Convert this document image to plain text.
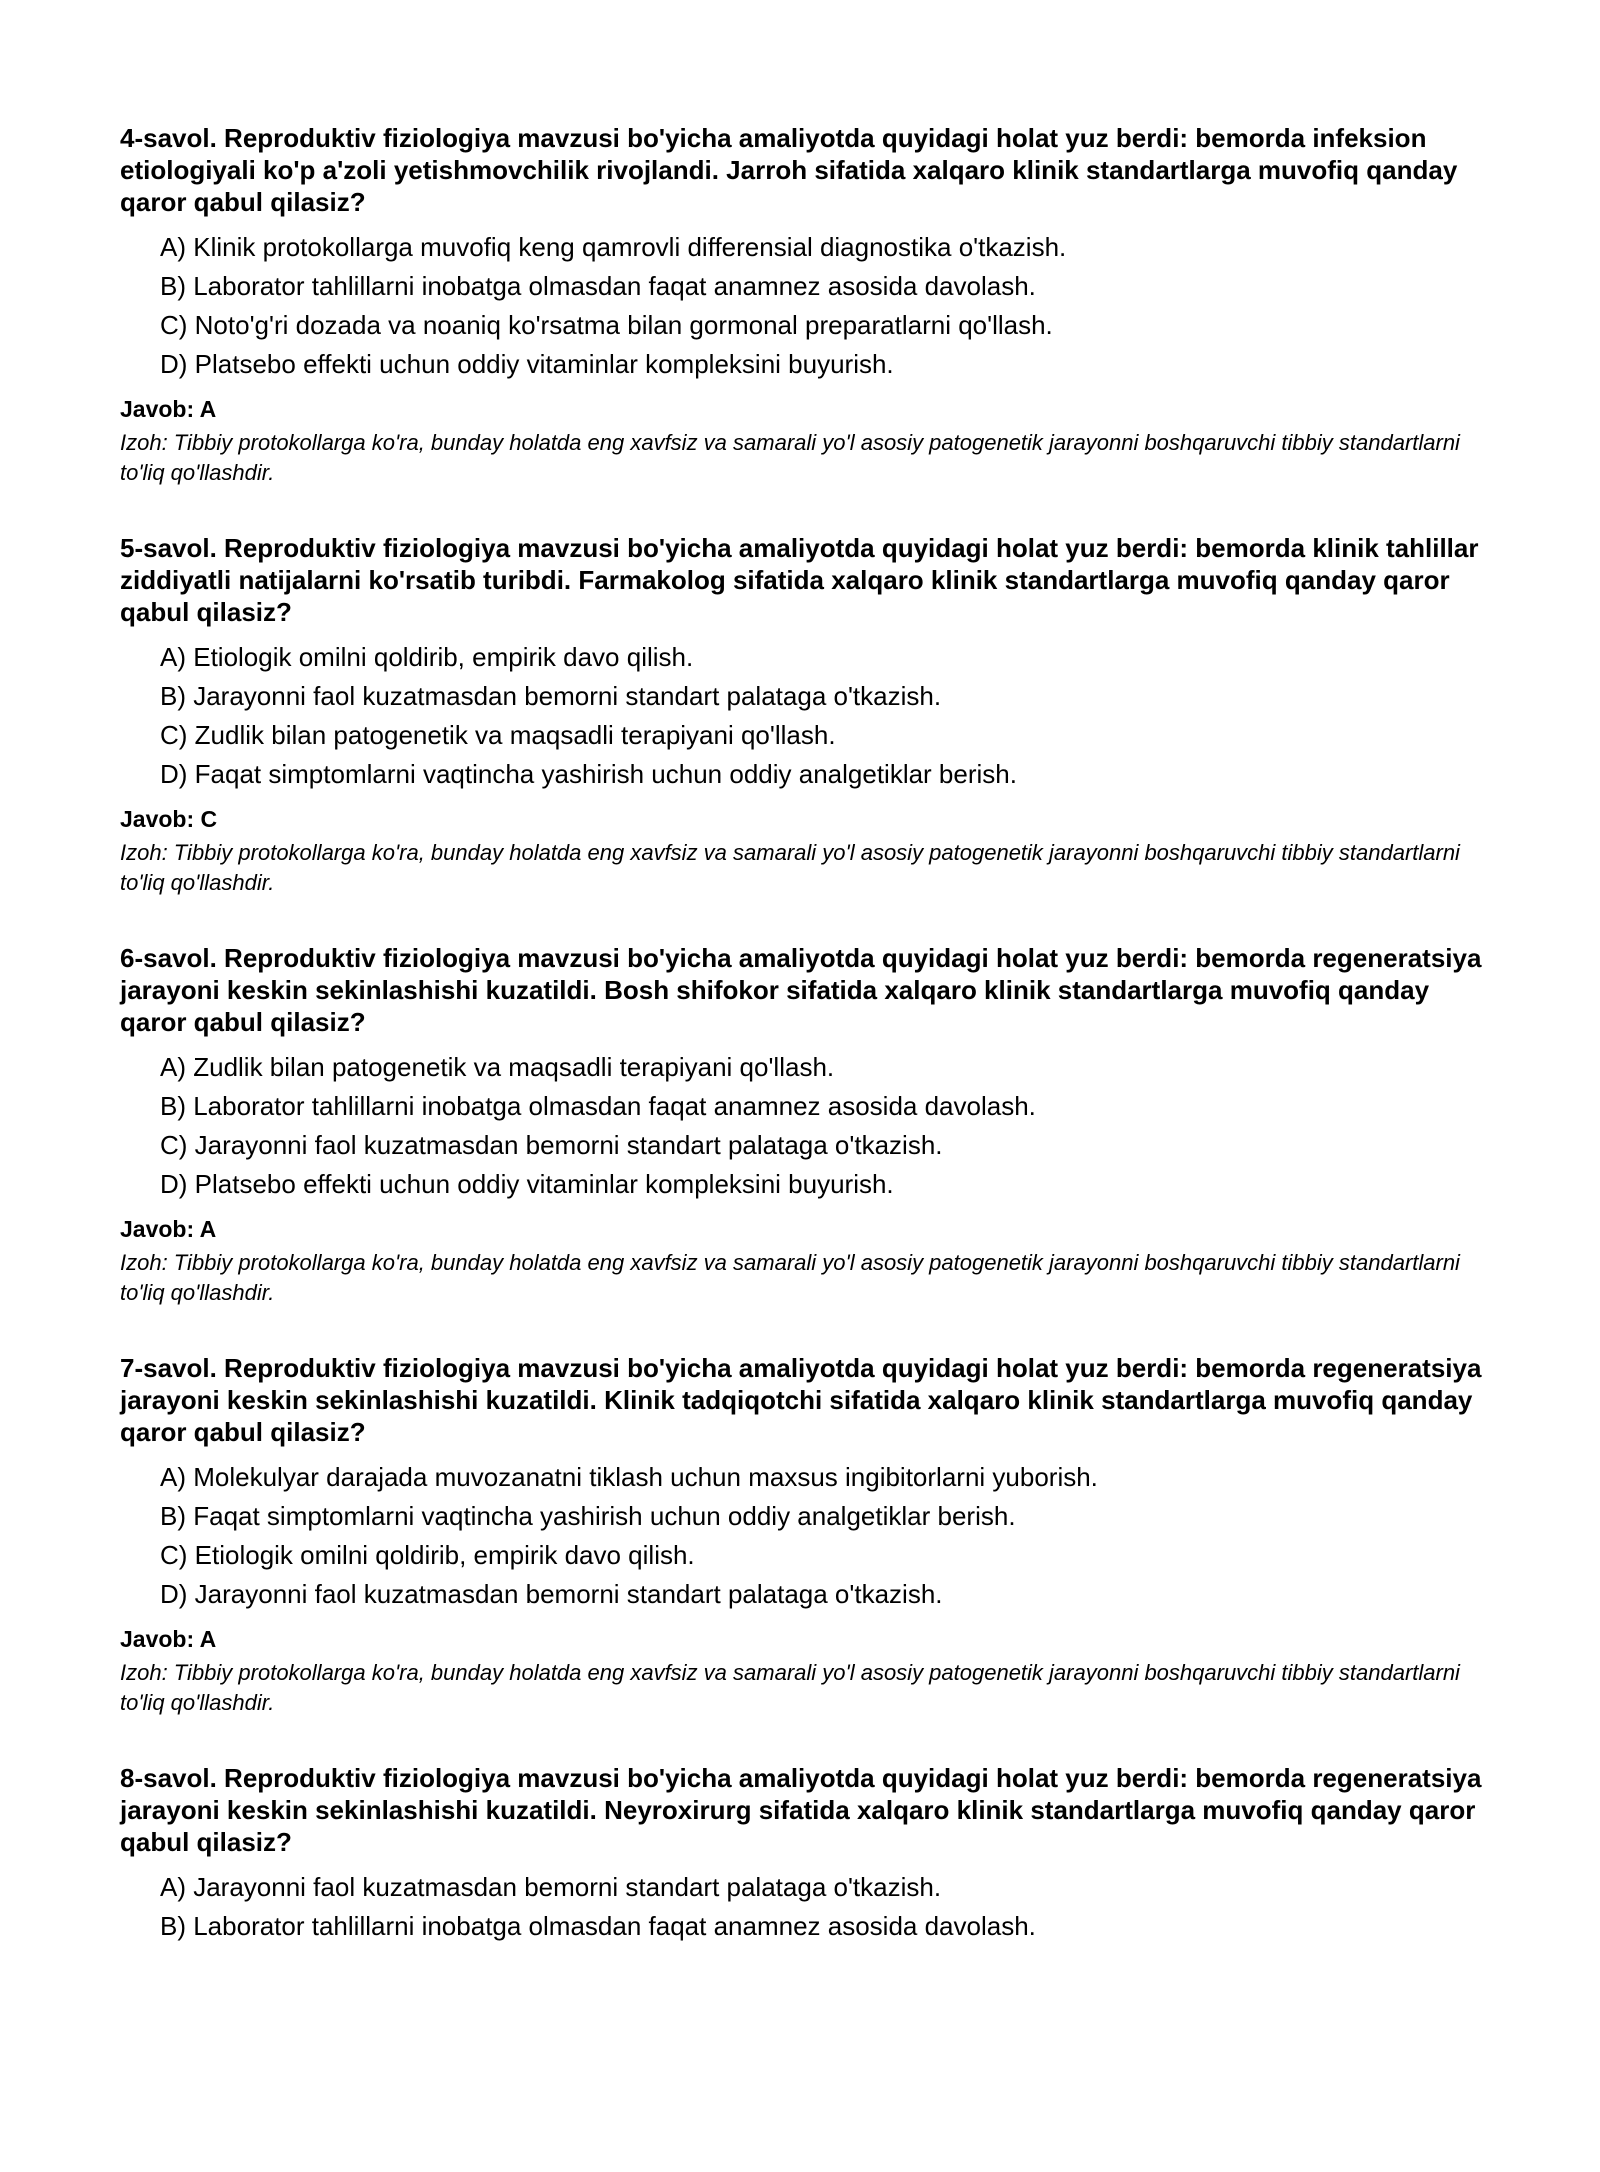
4-savol. Reproduktiv fiziologiya mavzusi bo'yicha amaliyotda quyidagi holat yuz berdi: bemorda infeksion etiologiyali ko'p a'zoli yetishmovchilik rivojlandi. Jarroh sifatida xalqaro klinik standartlarga muvofiq qanday qaror qabul qilasiz?

A) Klinik protokollarga muvofiq keng qamrovli differensial diagnostika o'tkazish.
B) Laborator tahlillarni inobatga olmasdan faqat anamnez asosida davolash.
C) Noto'g'ri dozada va noaniq ko'rsatma bilan gormonal preparatlarni qo'llash.
D) Platsebo effekti uchun oddiy vitaminlar kompleksini buyurish.

Javob: A

Izoh: Tibbiy protokollarga ko'ra, bunday holatda eng xavfsiz va samarali yo'l asosiy patogenetik jarayonni boshqaruvchi tibbiy standartlarni to'liq qo'llashdir.

5-savol. Reproduktiv fiziologiya mavzusi bo'yicha amaliyotda quyidagi holat yuz berdi: bemorda klinik tahlillar ziddiyatli natijalarni ko'rsatib turibdi. Farmakolog sifatida xalqaro klinik standartlarga muvofiq qanday qaror qabul qilasiz?

A) Etiologik omilni qoldirib, empirik davo qilish.
B) Jarayonni faol kuzatmasdan bemorni standart palataga o'tkazish.
C) Zudlik bilan patogenetik va maqsadli terapiyani qo'llash.
D) Faqat simptomlarni vaqtincha yashirish uchun oddiy analgetiklar berish.

Javob: C

Izoh: Tibbiy protokollarga ko'ra, bunday holatda eng xavfsiz va samarali yo'l asosiy patogenetik jarayonni boshqaruvchi tibbiy standartlarni to'liq qo'llashdir.

6-savol. Reproduktiv fiziologiya mavzusi bo'yicha amaliyotda quyidagi holat yuz berdi: bemorda regeneratsiya jarayoni keskin sekinlashishi kuzatildi. Bosh shifokor sifatida xalqaro klinik standartlarga muvofiq qanday qaror qabul qilasiz?

A) Zudlik bilan patogenetik va maqsadli terapiyani qo'llash.
B) Laborator tahlillarni inobatga olmasdan faqat anamnez asosida davolash.
C) Jarayonni faol kuzatmasdan bemorni standart palataga o'tkazish.
D) Platsebo effekti uchun oddiy vitaminlar kompleksini buyurish.

Javob: A

Izoh: Tibbiy protokollarga ko'ra, bunday holatda eng xavfsiz va samarali yo'l asosiy patogenetik jarayonni boshqaruvchi tibbiy standartlarni to'liq qo'llashdir.

7-savol. Reproduktiv fiziologiya mavzusi bo'yicha amaliyotda quyidagi holat yuz berdi: bemorda regeneratsiya jarayoni keskin sekinlashishi kuzatildi. Klinik tadqiqotchi sifatida xalqaro klinik standartlarga muvofiq qanday qaror qabul qilasiz?

A) Molekulyar darajada muvozanatni tiklash uchun maxsus ingibitorlarni yuborish.
B) Faqat simptomlarni vaqtincha yashirish uchun oddiy analgetiklar berish.
C) Etiologik omilni qoldirib, empirik davo qilish.
D) Jarayonni faol kuzatmasdan bemorni standart palataga o'tkazish.

Javob: A

Izoh: Tibbiy protokollarga ko'ra, bunday holatda eng xavfsiz va samarali yo'l asosiy patogenetik jarayonni boshqaruvchi tibbiy standartlarni to'liq qo'llashdir.

8-savol. Reproduktiv fiziologiya mavzusi bo'yicha amaliyotda quyidagi holat yuz berdi: bemorda regeneratsiya jarayoni keskin sekinlashishi kuzatildi. Neyroxirurg sifatida xalqaro klinik standartlarga muvofiq qanday qaror qabul qilasiz?

A) Jarayonni faol kuzatmasdan bemorni standart palataga o'tkazish.
B) Laborator tahlillarni inobatga olmasdan faqat anamnez asosida davolash.
